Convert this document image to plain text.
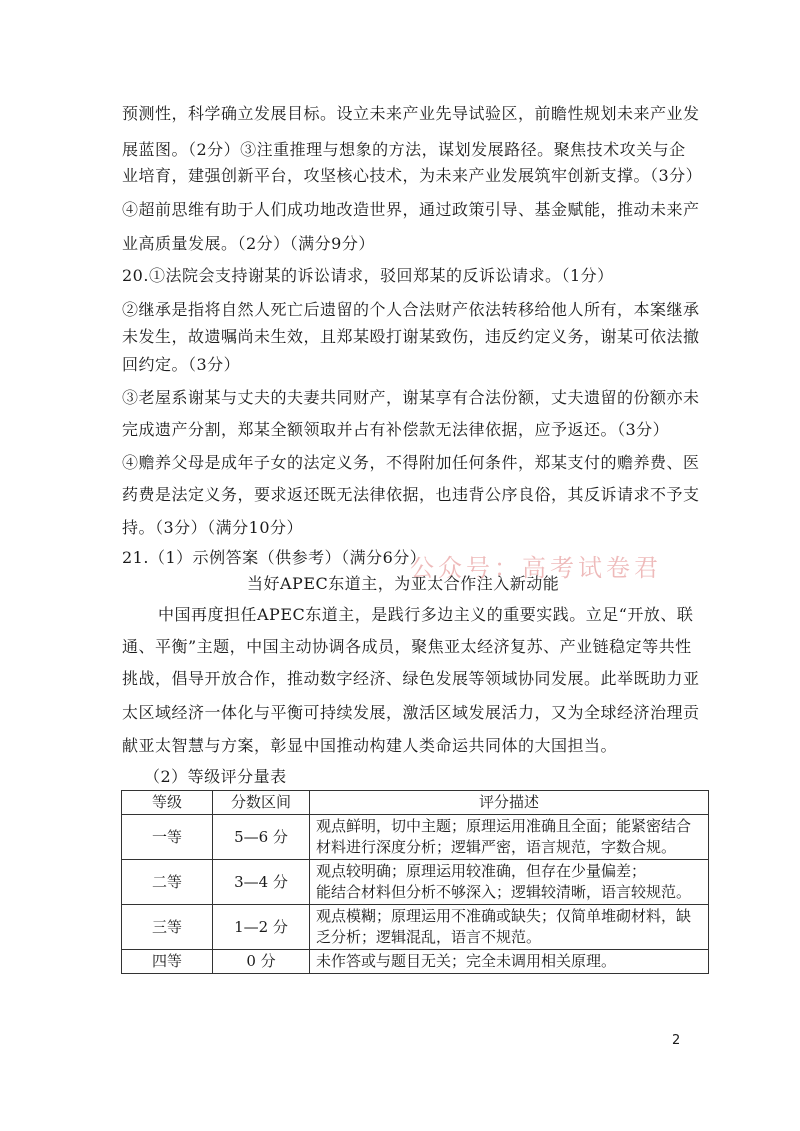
预测性，科学确立发展目标。设立未来产业先导试验区，前瞻性规划未来产业发
展蓝图。（2分）③注重推理与想象的方法，谋划发展路径。聚焦技术攻关与企
业培育，建强创新平台，攻坚核心技术，为未来产业发展筑牢创新支撑。（3分）
④超前思维有助于人们成功地改造世界，通过政策引导、基金赋能，推动未来产
业高质量发展。（2分）（满分9分）
20.①法院会支持谢某的诉讼请求，驳回郑某的反诉讼请求。（1分）
②继承是指将自然人死亡后遗留的个人合法财产依法转移给他人所有，本案继承
未发生，故遗嘱尚未生效，且郑某殴打谢某致伤，违反约定义务，谢某可依法撤
回约定。（3分）
③老屋系谢某与丈夫的夫妻共同财产，谢某享有合法份额，丈夫遗留的份额亦未
完成遗产分割，郑某全额领取并占有补偿款无法律依据，应予返还。（3分）
④赡养父母是成年子女的法定义务，不得附加任何条件，郑某支付的赡养费、医
药费是法定义务，要求返还既无法律依据，也违背公序良俗，其反诉请求不予支
持。（3分）（满分10分）
21.（1）示例答案（供参考）（满分6分）
公众号：高考试卷君
当好APEC东道主，为亚太合作注入新动能
中国再度担任APEC东道主，是践行多边主义的重要实践。立足“开放、联
通、平衡”主题，中国主动协调各成员，聚焦亚太经济复苏、产业链稳定等共性
挑战，倡导开放合作，推动数字经济、绿色发展等领域协同发展。此举既助力亚
太区域经济一体化与平衡可持续发展，激活区域发展活力，又为全球经济治理贡
献亚太智慧与方案，彰显中国推动构建人类命运共同体的大国担当。
（2）等级评分量表
等级	分数区间	评分描述
一等	5—6 分	观点鲜明，切中主题；原理运用准确且全面；能紧密结合
材料进行深度分析；逻辑严密，语言规范，字数合规。

二等	3—4 分	观点较明确；原理运用较准确，但存在少量偏差；
能结合材料但分析不够深入；逻辑较清晰，语言较规范。

三等	1—2 分	观点模糊；原理运用不准确或缺失；仅简单堆砌材料，缺
乏分析；逻辑混乱，语言不规范。

四等	0 分	未作答或与题目无关；完全未调用相关原理。
2
